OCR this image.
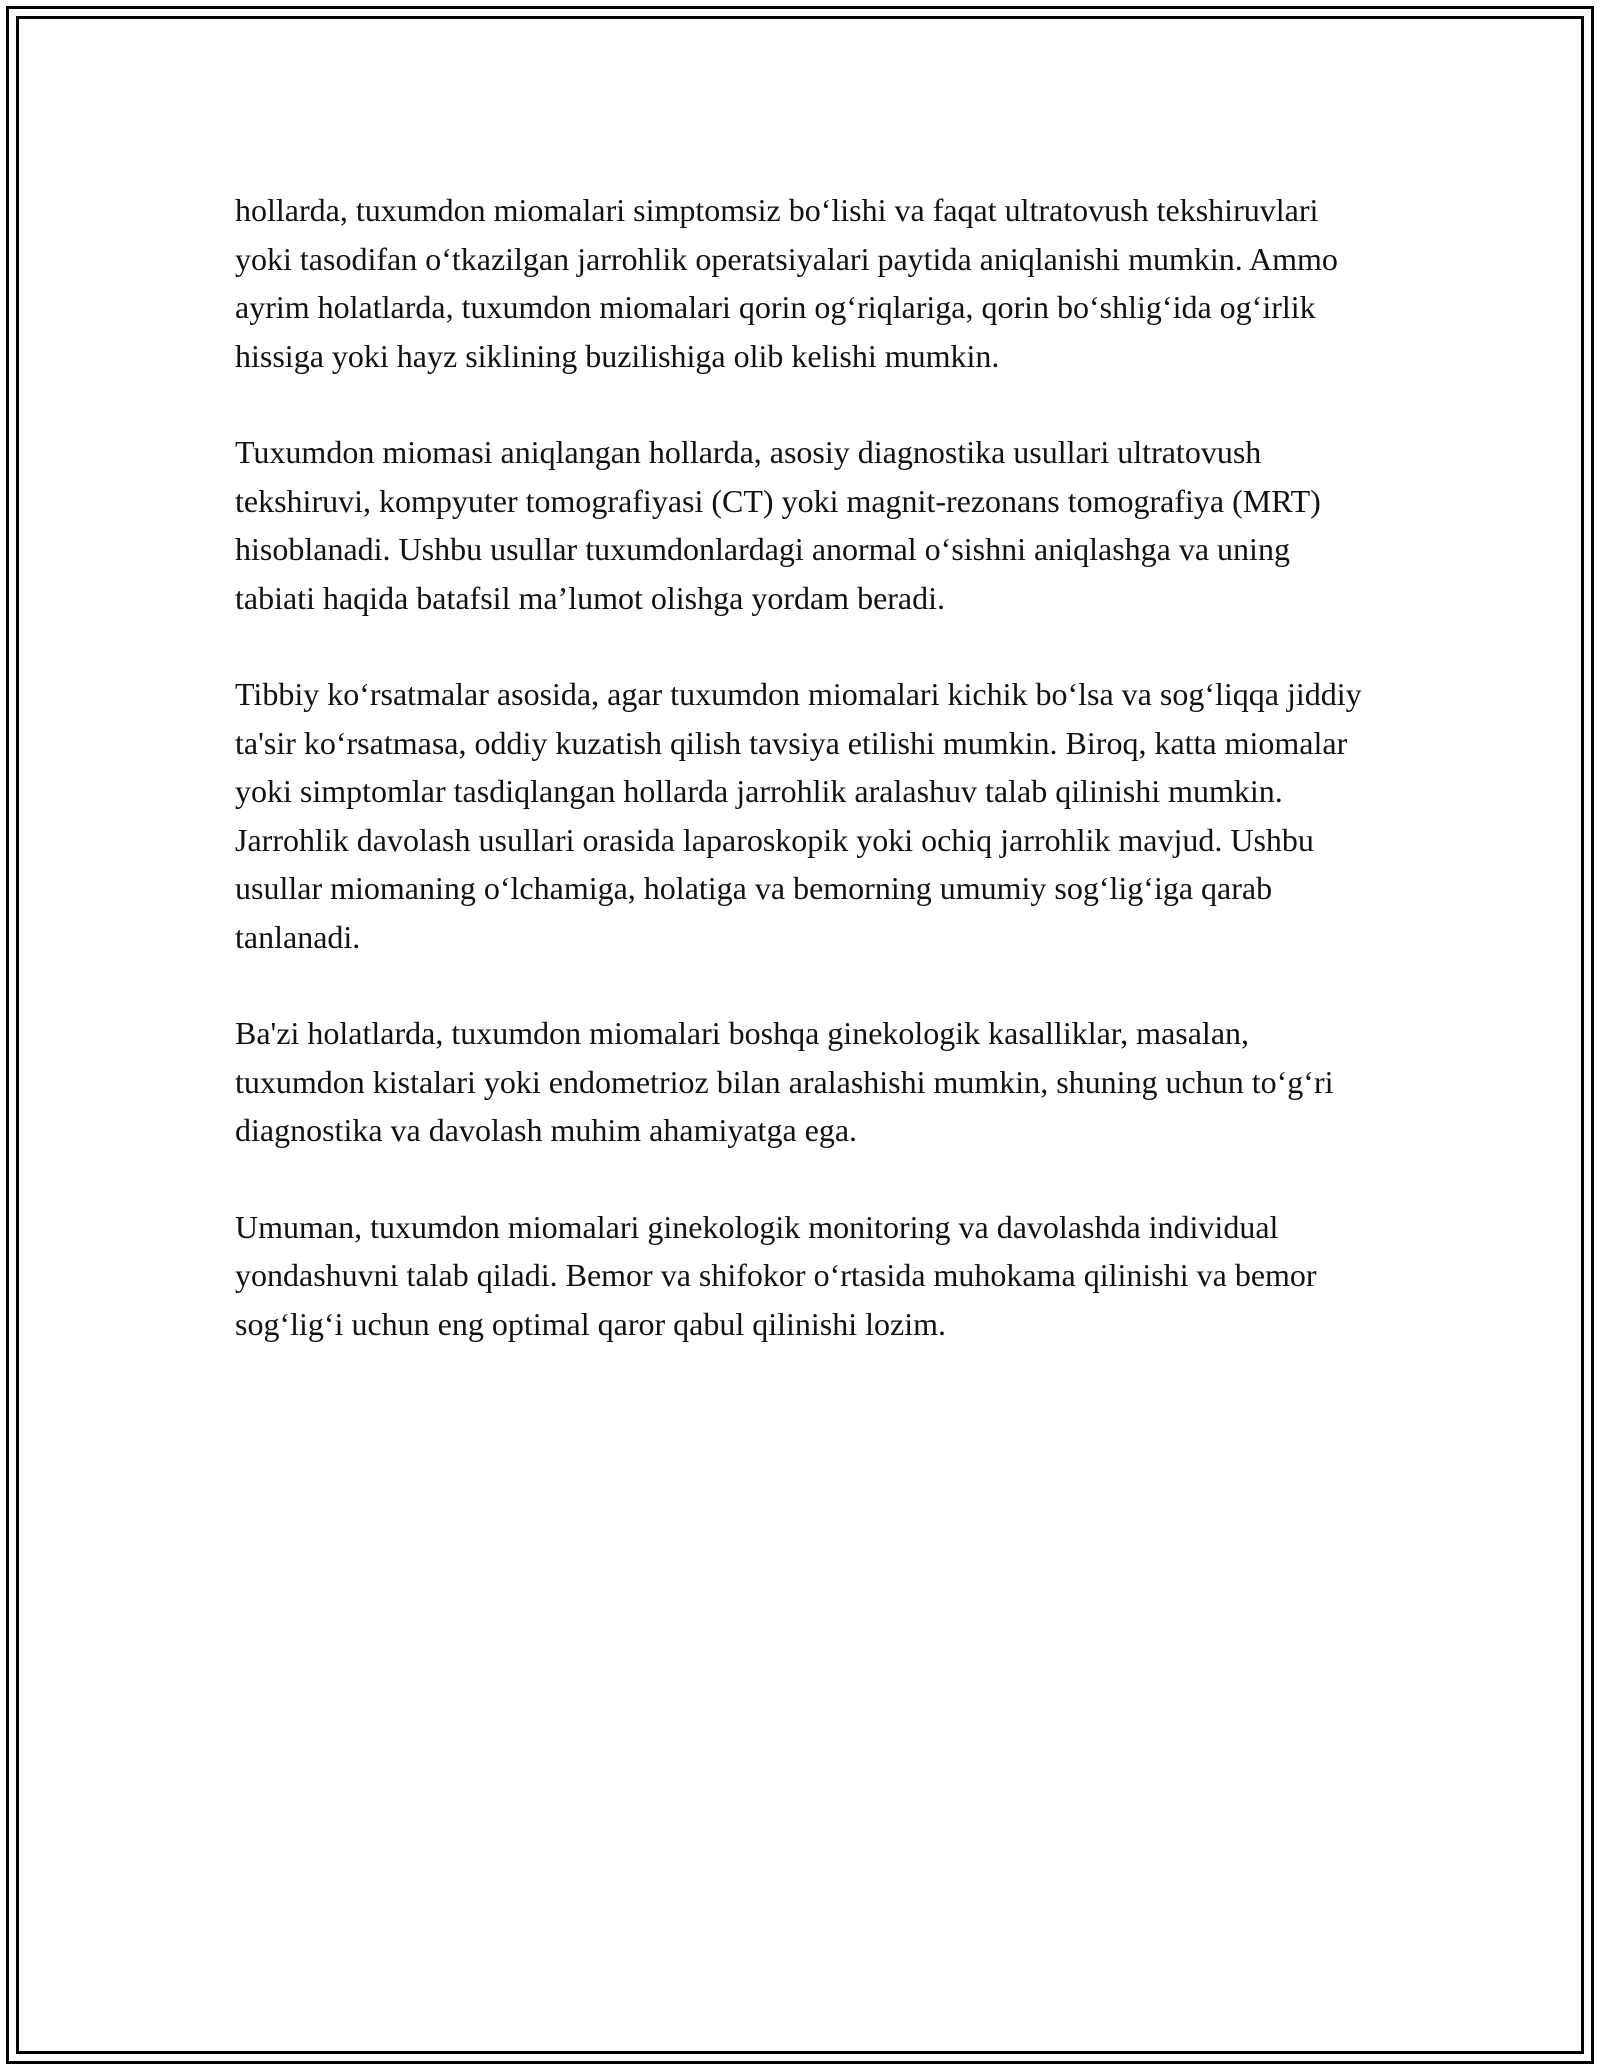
hollarda, tuxumdon miomalari simptomsiz boʻlishi va faqat ultratovush tekshiruvlari yoki tasodifan oʻtkazilgan jarrohlik operatsiyalari paytida aniqlanishi mumkin. Ammo ayrim holatlarda, tuxumdon miomalari qorin ogʻriqlariga, qorin boʻshligʻida ogʻirlik hissiga yoki hayz siklining buzilishiga olib kelishi mumkin.

Tuxumdon miomasi aniqlangan hollarda, asosiy diagnostika usullari ultratovush tekshiruvi, kompyuter tomografiyasi (CT) yoki magnit-rezonans tomografiya (MRT) hisoblanadi. Ushbu usullar tuxumdonlardagi anormal oʻsishni aniqlashga va uning tabiati haqida batafsil maʼlumot olishga yordam beradi.

Tibbiy koʻrsatmalar asosida, agar tuxumdon miomalari kichik boʻlsa va sogʻliqqa jiddiy ta'sir koʻrsatmasa, oddiy kuzatish qilish tavsiya etilishi mumkin. Biroq, katta miomalar yoki simptomlar tasdiqlangan hollarda jarrohlik aralashuv talab qilinishi mumkin. Jarrohlik davolash usullari orasida laparoskopik yoki ochiq jarrohlik mavjud. Ushbu usullar miomaning oʻlchamiga, holatiga va bemorning umumiy sogʻligʻiga qarab tanlanadi.

Ba'zi holatlarda, tuxumdon miomalari boshqa ginekologik kasalliklar, masalan, tuxumdon kistalari yoki endometrioz bilan aralashishi mumkin, shuning uchun toʻgʻri diagnostika va davolash muhim ahamiyatga ega.

Umuman, tuxumdon miomalari ginekologik monitoring va davolashda individual yondashuvni talab qiladi. Bemor va shifokor oʻrtasida muhokama qilinishi va bemor sogʻligʻi uchun eng optimal qaror qabul qilinishi lozim.
